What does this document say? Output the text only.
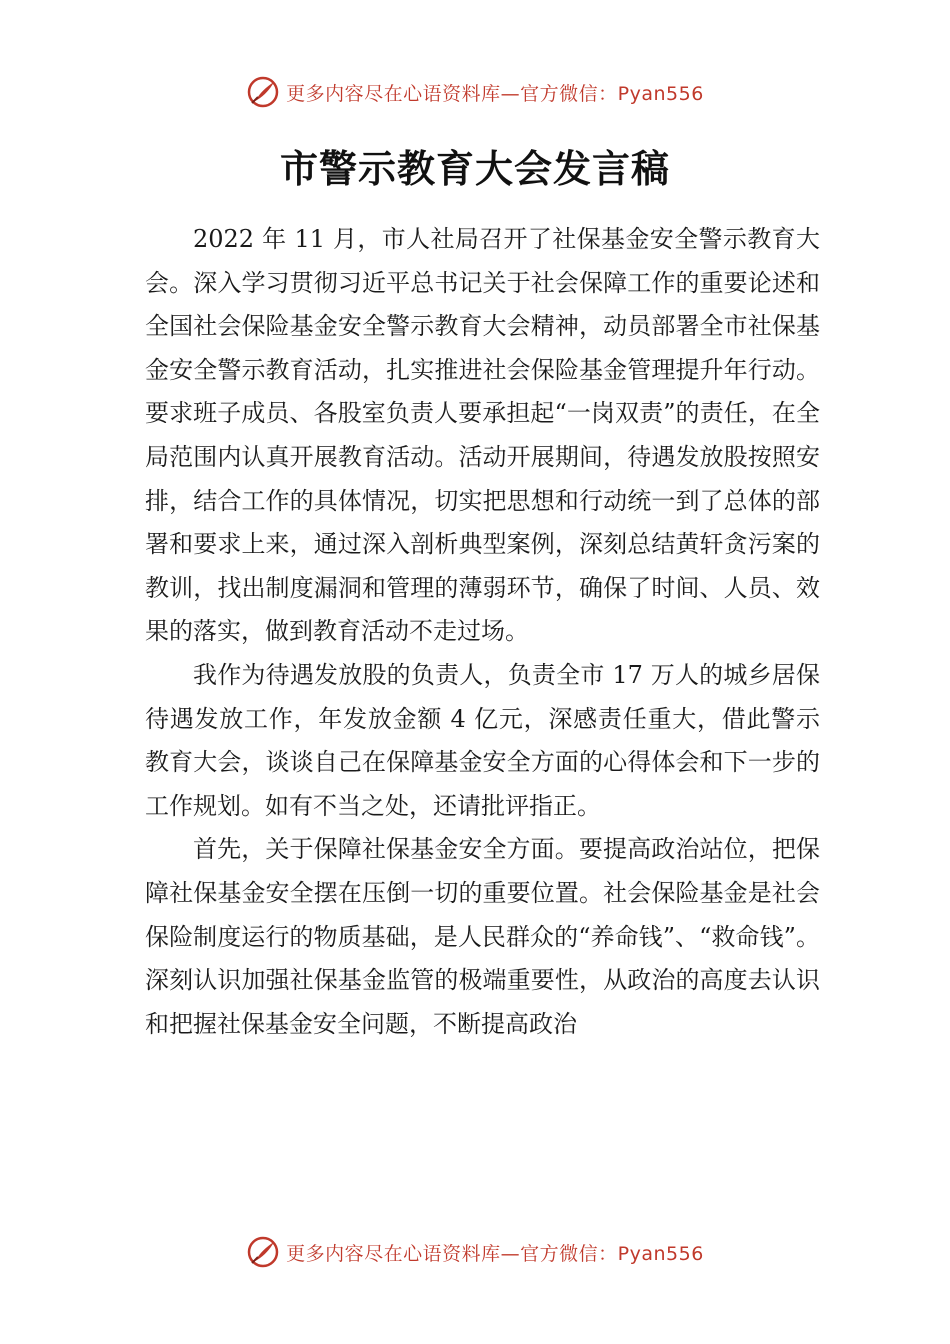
更多内容尽在心语资料库—官方微信：Pyan556
市警示教育大会发言稿

2022 年 11 月，市人社局召开了社保基金安全警示教育大会。深入学习贯彻习近平总书记关于社会保障工作的重要论述和全国社会保险基金安全警示教育大会精神，动员部署全市社保基金安全警示教育活动，扎实推进社会保险基金管理提升年行动。要求班子成员、各股室负责人要承担起“一岗双责”的责任，在全局范围内认真开展教育活动。活动开展期间，待遇发放股按照安排，结合工作的具体情况，切实把思想和行动统一到了总体的部署和要求上来，通过深入剖析典型案例，深刻总结黄轩贪污案的教训，找出制度漏洞和管理的薄弱环节，确保了时间、人员、效果的落实，做到教育活动不走过场。

我作为待遇发放股的负责人，负责全市 17 万人的城乡居保待遇发放工作，年发放金额 4 亿元，深感责任重大，借此警示教育大会，谈谈自己在保障基金安全方面的心得体会和下一步的工作规划。如有不当之处，还请批评指正。

首先，关于保障社保基金安全方面。要提高政治站位，把保障社保基金安全摆在压倒一切的重要位置。社会保险基金是社会保险制度运行的物质基础，是人民群众的“养命钱”、“救命钱”。深刻认识加强社保基金监管的极端重要性，从政治的高度去认识和把握社保基金安全问题，不断提高政治

更多内容尽在心语资料库—官方微信：Pyan556
